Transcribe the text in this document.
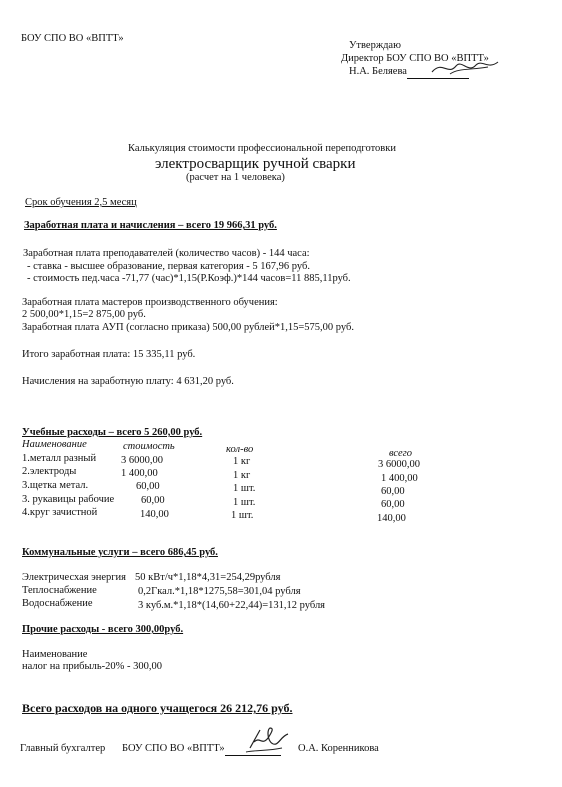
БОУ СПО ВО «ВПТТ»
Утверждаю
Директор БОУ СПО ВО «ВПТТ»
Н.А. Беляева
Калькуляция стоимости профессиональной переподготовки
электросварщик ручной сварки
(расчет на 1 человека)
Срок обучения 2,5 месяц
Заработная плата и начисления – всего 19 966,31 руб.
Заработная плата преподавателей (количество часов) - 144 часа:
- ставка - высшее образование, первая категория - 5 167,96 руб.
- стоимость пед.часа -71,77 (час)*1,15(Р.Коэф.)*144 часов=11 885,11руб.
Заработная плата мастеров производственного обучения:
2 500,00*1,15=2 875,00 руб.
Заработная плата АУП (согласно приказа) 500,00 рублей*1,15=575,00 руб.
Итого заработная плата: 15 335,11 руб.
Начисления на заработную плату: 4 631,20 руб.
Учебные расходы – всего 5 260,00 руб.
Наименование	стоимость	кол-во	всего
1.металл разный 3 6000,00	1 кг	3 6000,00
2.электроды	1 400,00	1 кг	1 400,00
3.щетка метал.	60,00	1 шт.	60,00
3. рукавицы рабочие	60,00	1 шт.	60,00
4.круг зачистной	140,00	1 шт.	140,00
Коммунальные услуги – всего 686,45 руб.
Электричесхая энергия 50 кВт/ч*1,18*4,31=254,29рубля
Теплоснабжение	0,2Гкал.*1,18*1275,58=301,04 рубля
Водоснабжение	3 куб.м.*1,18*(14,60+22,44)=131,12 рубля
Прочие расходы - всего 300,00руб.
Наименование
налог на прибыль-20% - 300,00
Всего расходов на одного учащегося 26 212,76 руб.
Главный бухгалтер БОУ СПО ВО «ВПТТ»	О.А. Коренникова
